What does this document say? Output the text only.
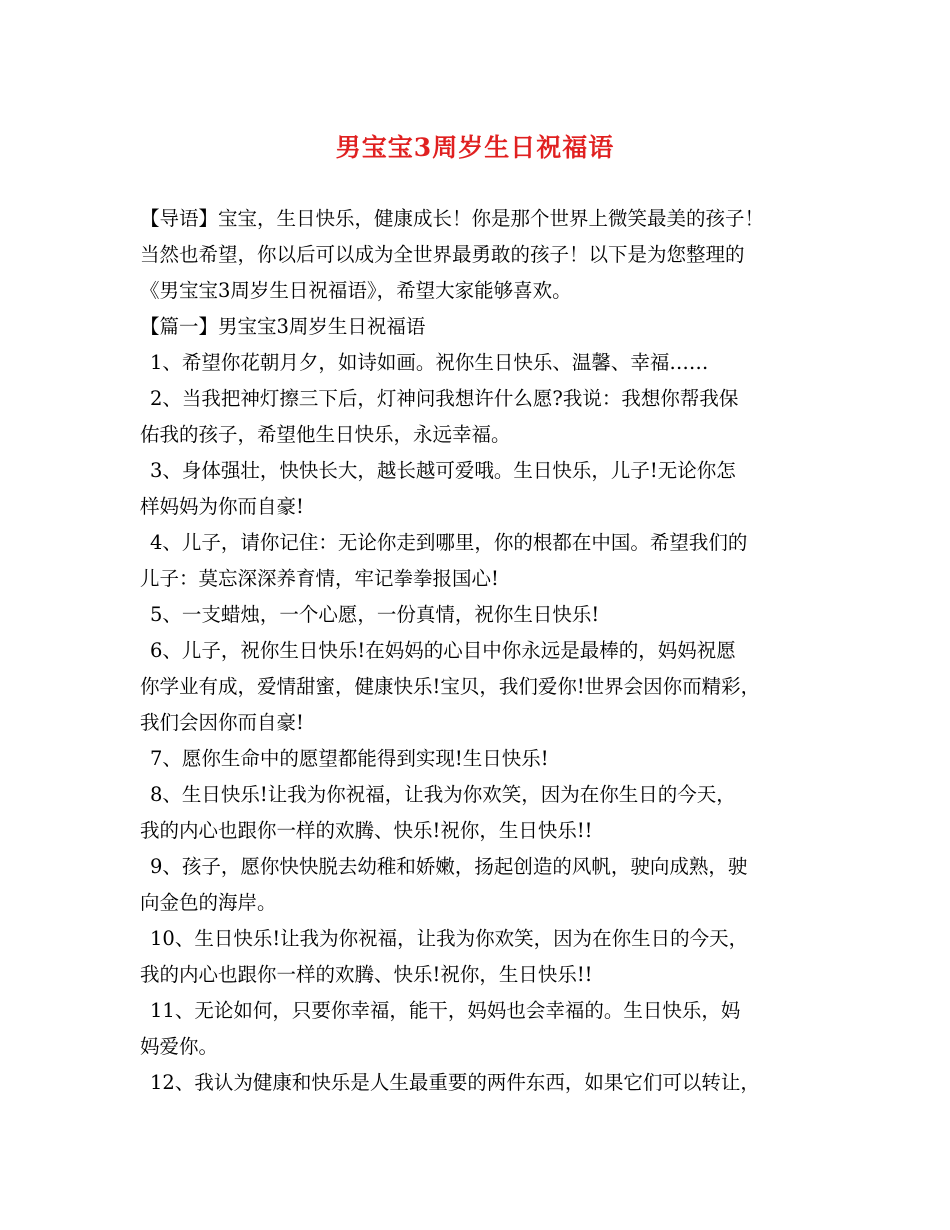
男宝宝3周岁生日祝福语
【导语】宝宝，生日快乐，健康成长！你是那个世界上微笑最美的孩子！
当然也希望，你以后可以成为全世界最勇敢的孩子！以下是为您整理的
《男宝宝3周岁生日祝福语》，希望大家能够喜欢。
【篇一】男宝宝3周岁生日祝福语
1、希望你花朝月夕，如诗如画。祝你生日快乐、温馨、幸福……
2、当我把神灯擦三下后，灯神问我想许什么愿?我说：我想你帮我保
佑我的孩子，希望他生日快乐，永远幸福。
3、身体强壮，快快长大，越长越可爱哦。生日快乐，儿子!无论你怎
样妈妈为你而自豪!
4、儿子，请你记住：无论你走到哪里，你的根都在中国。希望我们的
儿子：莫忘深深养育情，牢记拳拳报国心!
5、一支蜡烛，一个心愿，一份真情，祝你生日快乐!
6、儿子，祝你生日快乐!在妈妈的心目中你永远是最棒的，妈妈祝愿
你学业有成，爱情甜蜜，健康快乐!宝贝，我们爱你!世界会因你而精彩，
我们会因你而自豪!
7、愿你生命中的愿望都能得到实现!生日快乐!
8、生日快乐!让我为你祝福，让我为你欢笑，因为在你生日的今天，
我的内心也跟你一样的欢腾、快乐!祝你，生日快乐!!
9、孩子，愿你快快脱去幼稚和娇嫩，扬起创造的风帆，驶向成熟，驶
向金色的海岸。
10、生日快乐!让我为你祝福，让我为你欢笑，因为在你生日的今天，
我的内心也跟你一样的欢腾、快乐!祝你，生日快乐!!
11、无论如何，只要你幸福，能干，妈妈也会幸福的。生日快乐，妈
妈爱你。
12、我认为健康和快乐是人生最重要的两件东西，如果它们可以转让，
